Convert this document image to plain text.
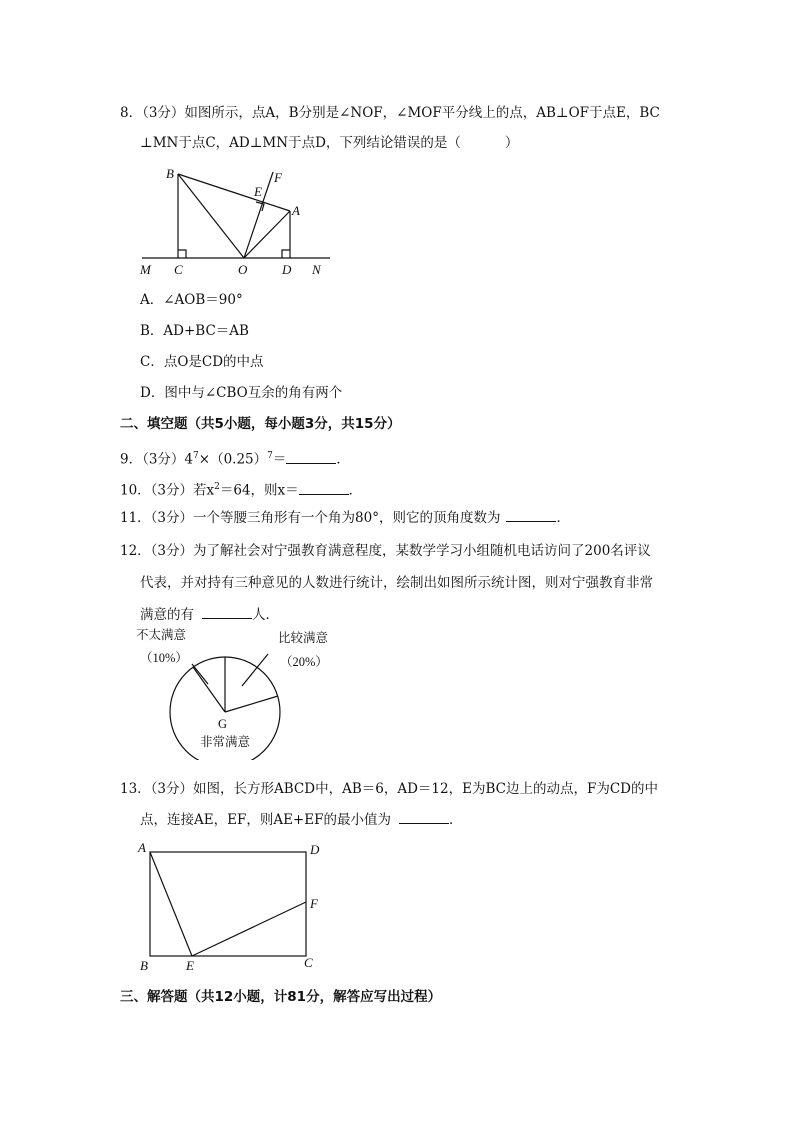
8．（3分）如图所示，点A，B分别是∠NOF，∠MOF平分线上的点，AB⊥OF于点E，BC
⊥MN于点C，AD⊥MN于点D，下列结论错误的是（	）
B
E
F
A
M C	O	D N
A．∠AOB＝90°
B．AD+BC＝AB
C．点O是CD的中点
D．图中与∠CBO互余的角有两个
二、填空题（共5小题，每小题3分，共15分）
9．（3分）$4^7\times(0.25)^7=$	．
10．（3分）若$x^2=64$，则x＝	．
11．（3分）一个等腰三角形有一个角为80°，则它的顶角度数为	．
12．（3分）为了解社会对宁强教育满意程度，某数学学习小组随机电话访问了200名评议
代表，并对持有三种意见的人数进行统计，绘制出如图所示统计图，则对宁强教育非常
满意的有	人．
不太满意
（10%）
比较满意
（20%）
G
非常满意
13．（3分）如图，长方形ABCD中，AB＝6，AD＝12，E为BC边上的动点，F为CD的中
点，连接AE，EF，则AE+EF的最小值为	．
A	D
F
B	E	C
三、解答题（共12小题，计81分，解答应写出过程）
